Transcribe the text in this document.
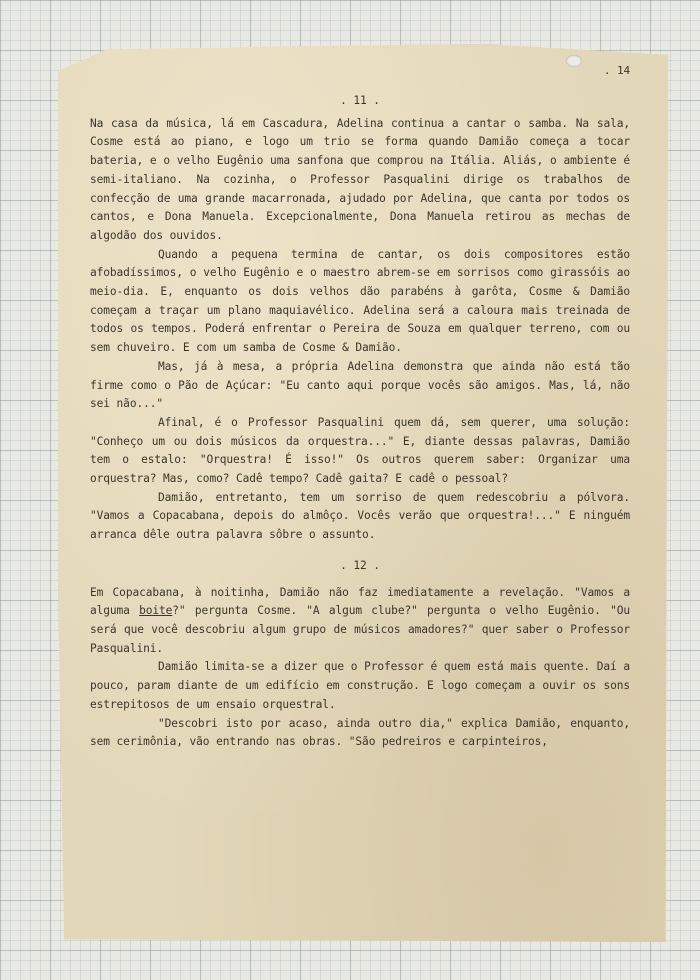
. 14
. 11 .

Na casa da música, lá em Cascadura, Adelina continua a cantar o samba. Na sala, Cosme está ao piano, e logo um trio se forma quando Damião começa a tocar bateria, e o velho Eugênio uma sanfona que comprou na Itália. Aliás, o ambiente é semi-italiano. Na cozinha, o Professor Pasqualini dirige os trabalhos de confecção de uma grande macarronada, ajudado por Adelina, que canta por todos os cantos, e Dona Manuela. Excepcionalmente, Dona Manuela retirou as mechas de algodão dos ouvidos.

Quando a pequena termina de cantar, os dois compositores estão afobadíssimos, o velho Eugênio e o maestro abrem-se em sorrisos como girassóis ao meio-dia. E, enquanto os dois velhos dão parabéns à garôta, Cosme & Damião começam a traçar um plano maquiavélico. Adelina será a caloura mais treinada de todos os tempos. Poderá enfrentar o Pereira de Souza em qualquer terreno, com ou sem chuveiro. E com um samba de Cosme & Damião.

Mas, já à mesa, a própria Adelina demonstra que ainda não está tão firme como o Pão de Açúcar: "Eu canto aqui porque vocês são amigos. Mas, lá, não sei não..."

Afinal, é o Professor Pasqualini quem dá, sem querer, uma solução: "Conheço um ou dois músicos da orquestra..." E, diante dessas palavras, Damião tem o estalo: "Orquestra! É isso!" Os outros querem saber: Organizar uma orquestra? Mas, como? Cadê tempo? Cadê gaita? E cadê o pessoal?

Damião, entretanto, tem um sorriso de quem redescobriu a pólvora. "Vamos a Copacabana, depois do almôço. Vocês verão que orquestra!..." E ninguém arranca dêle outra palavra sôbre o assunto.

. 12 .

Em Copacabana, à noitinha, Damião não faz imediatamente a revelação. "Vamos a alguma boite?" pergunta Cosme. "A algum clube?" pergunta o velho Eugênio. "Ou será que você descobriu algum grupo de músicos amadores?" quer saber o Professor Pasqualini.

Damião limita-se a dizer que o Professor é quem está mais quente. Daí a pouco, param diante de um edifício em construção. E logo começam a ouvir os sons estrepitosos de um ensaio orquestral.

"Descobri isto por acaso, ainda outro dia," explica Damião, enquanto, sem cerimônia, vão entrando nas obras. "São pedreiros e carpinteiros,
